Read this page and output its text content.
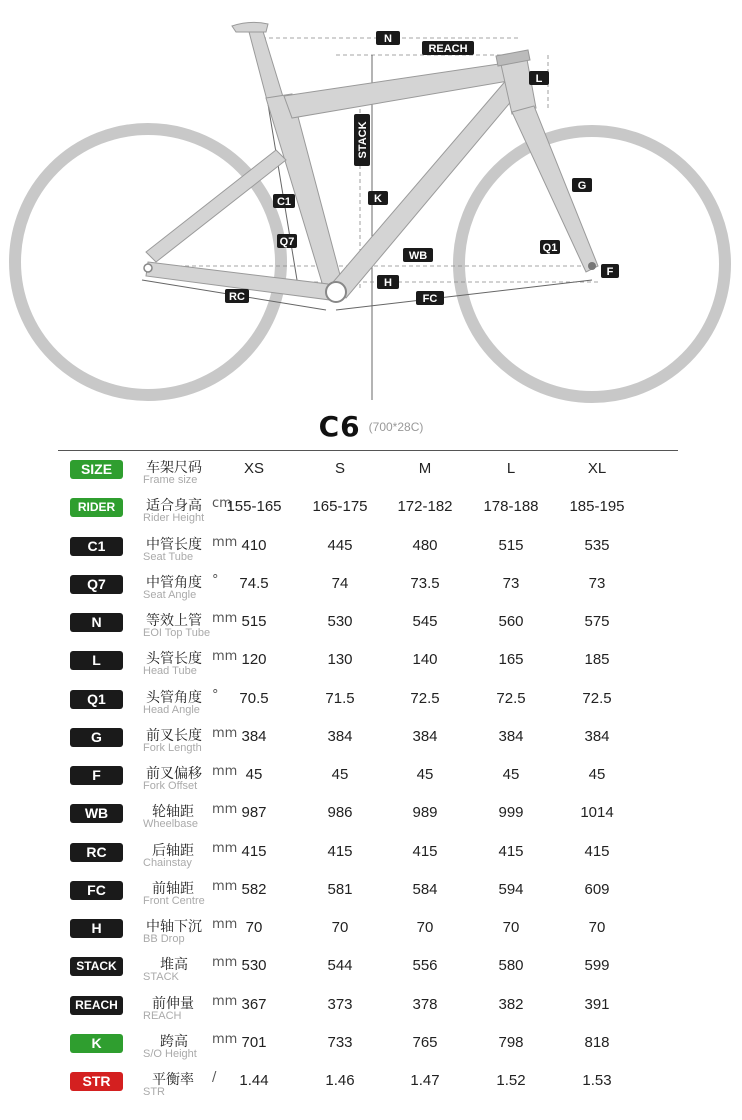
N
REACH
L
STACK
C1	K
G
Q7
WB
Q1
F
H
FC
RC
C6 (700*28C)
SIZE	车架尺码
Frame size
XS	S	M	L	XL
RIDER	适合身高 cm
Rider Height
155-165	165-175	172-182	178-188	185-195
C1	中管长度 mm
Seat Tube
410	445	480	515	535
Q7	中管角度 °
Seat Angle
74.5	74	73.5	73	73
N	等效上管 mm
EOI Top Tube
515	530	545	560	575
L	头管长度 mm
Head Tube
120	130	140	165	185
Q1	头管角度 °
Head Angle
70.5	71.5	72.5	72.5	72.5
G	前叉长度 mm
Fork Length
384	384	384	384	384
F	前叉偏移 mm
Fork Offset
45	45	45	45	45
WB	轮轴距 mm
Wheelbase
987	986	989	999	1014
RC	后轴距 mm
Chainstay
415	415	415	415	415
FC	前轴距 mm
Front Centre
582	581	584	594	609
H	中轴下沉 mm
BB Drop
70	70	70	70	70
STACK	堆高 mm
STACK
530	544	556	580	599
REACH	前伸量 mm
REACH
367	373	378	382	391
K	跨高 mm
S/O Height
701	733	765	798	818
STR	平衡率 /
STR
1.44	1.46	1.47	1.52	1.53
